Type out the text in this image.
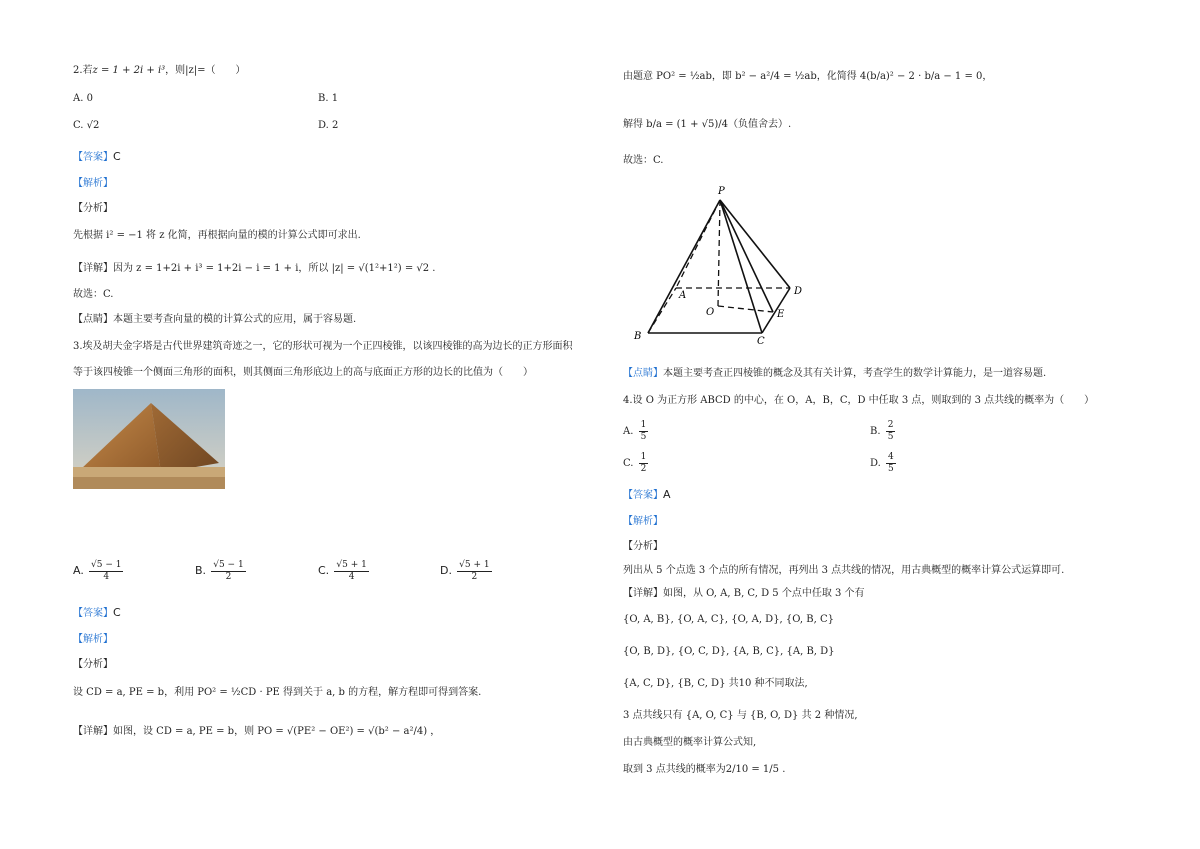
2.若z = 1 + 2i + i³，则|z|=（　　）
A. 0	B. 1
C. √2	D. 2
【答案】C
【解析】
【分析】
先根据 i² = −1 将 z 化简，再根据向量的模的计算公式即可求出.
【详解】因为 z = 1+2i + i³ = 1+2i − i = 1 + i，所以 |z| = √(1²+1²) = √2 .
故选：C.
【点睛】本题主要考查向量的模的计算公式的应用，属于容易题.
3.埃及胡夫金字塔是古代世界建筑奇迹之一，它的形状可视为一个正四棱锥，以该四棱锥的高为边长的正方形面积
等于该四棱锥一个侧面三角形的面积，则其侧面三角形底边上的高与底面正方形的边长的比值为（　　）
A. $\frac{√5 - 1}{4}$	B. $\frac{√5 - 1}{2}$	C. $\frac{√5 + 1}{4}$	D. $\frac{√5 + 1}{2}$
【答案】C
【解析】
【分析】
设 CD = a, PE = b，利用 PO² = ½CD · PE 得到关于 a, b 的方程，解方程即可得到答案.
【详解】如图，设 CD = a, PE = b，则 PO = √(PE² − OE²) = √(b² − a²/4) ，
由题意 PO² = ½ab，即 b² − a²/4 = ½ab，化简得 4(b/a)² − 2 · b/a − 1 = 0，
解得 b/a = (1 + √5)/4（负值舍去）.
故选：C.
P
A
B	C
D
O	E
【点睛】本题主要考查正四棱锥的概念及其有关计算，考查学生的数学计算能力，是一道容易题.
4.设 O 为正方形 ABCD 的中心，在 O，A，B，C，D 中任取 3 点，则取到的 3 点共线的概率为（　　）
A. $\frac{1}{5}$	B. $\frac{2}{5}$
C. $\frac{1}{2}$	D. $\frac{4}{5}$
【答案】A
【解析】
【分析】
列出从 5 个点选 3 个点的所有情况，再列出 3 点共线的情况，用古典概型的概率计算公式运算即可.
【详解】如图，从 O, A, B, C, D 5 个点中任取 3 个有
{O, A, B}, {O, A, C}, {O, A, D}, {O, B, C}
{O, B, D}, {O, C, D}, {A, B, C}, {A, B, D}
{A, C, D}, {B, C, D} 共10 种不同取法,
3 点共线只有 {A, O, C} 与 {B, O, D} 共 2 种情况,
由古典概型的概率计算公式知,
取到 3 点共线的概率为2/10 = 1/5 .
